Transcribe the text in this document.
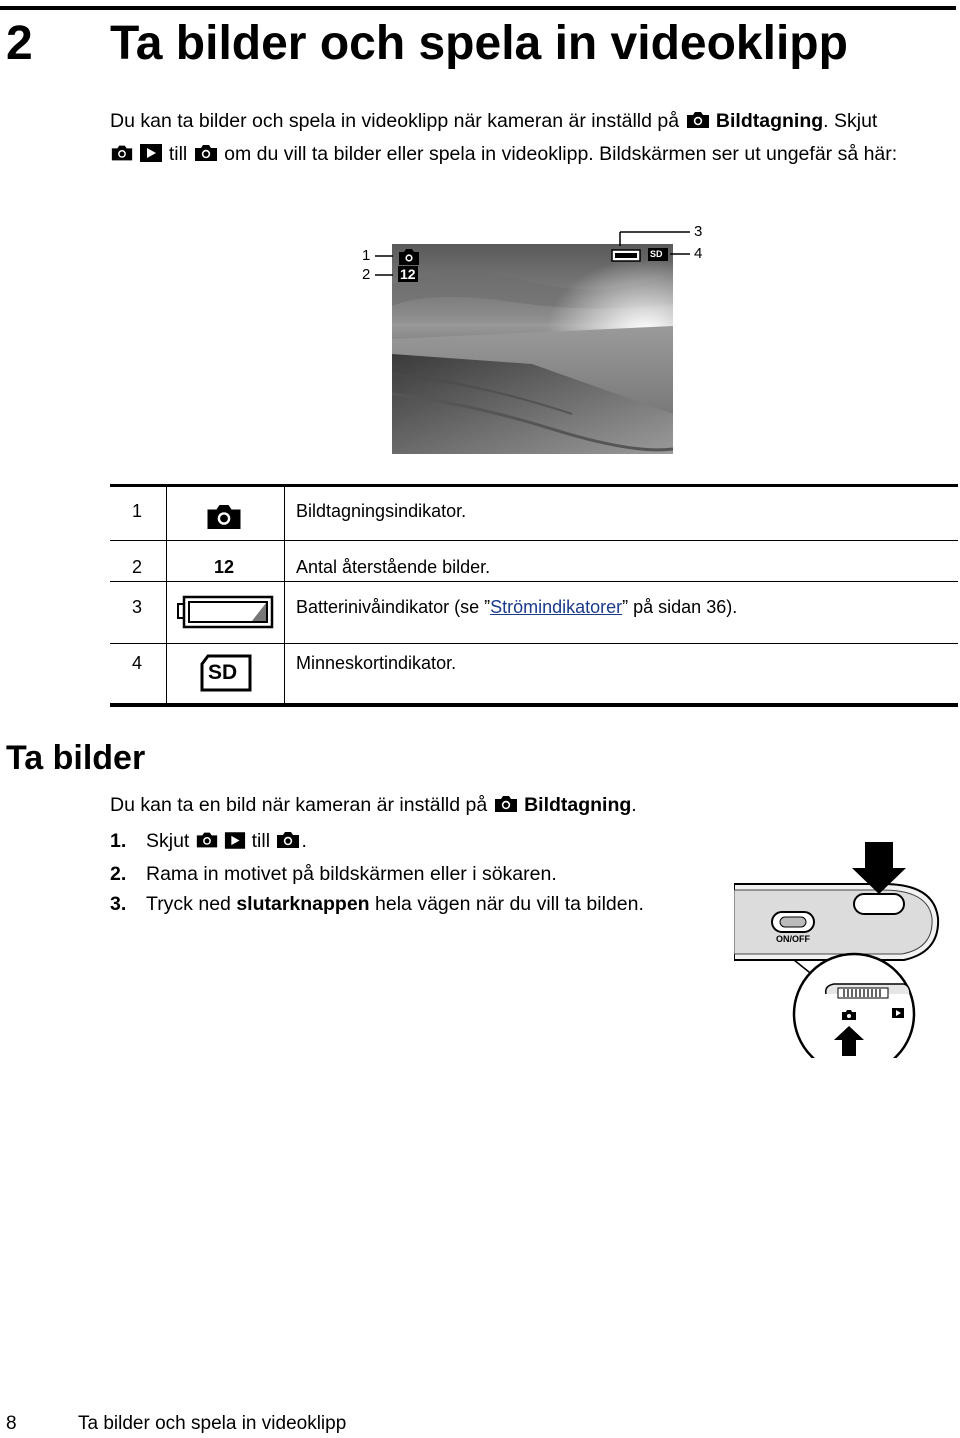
2 Ta bilder och spela in videoklipp
Du kan ta bilder och spela in videoklipp när kameran är inställd på Bildtagning. Skjut
till om du vill ta bilder eller spela in videoklipp. Bildskärmen ser ut ungefär så här:
12
SD
1
2
3
4
1	Bildtagningsindikator.
2	12	Antal återstående bilder.
3	Batterinivåindikator (se ”Strömindikatorer” på sidan 36).
4	SD	Minneskortindikator.
Ta bilder
Du kan ta en bild när kameran är inställd på Bildtagning.
1. Skjut	till .
2. Rama in motivet på bildskärmen eller i sökaren.
3. Tryck ned slutarknappen hela vägen när du vill ta bilden.
ON/OFF
8	Ta bilder och spela in videoklipp
